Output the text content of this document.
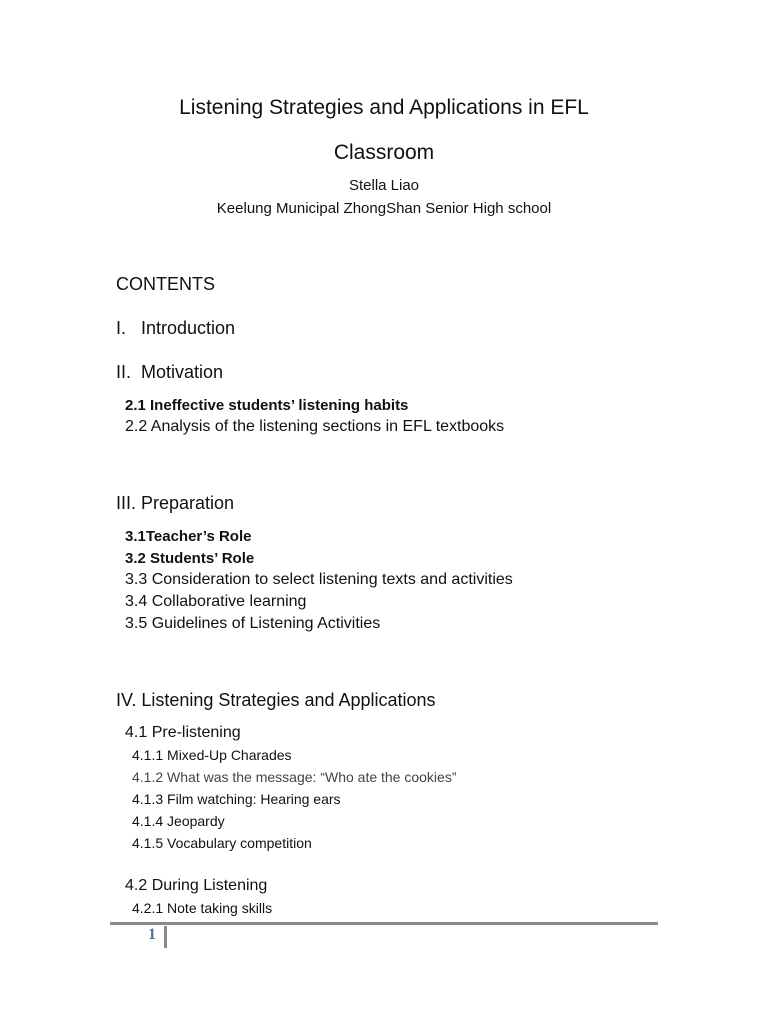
Listening Strategies and Applications in EFL
Classroom
Stella Liao
Keelung Municipal ZhongShan Senior High school
CONTENTS
I.   Introduction
II.  Motivation
2.1 Ineffective students’ listening habits
2.2 Analysis of the listening sections in EFL textbooks
III. Preparation
3.1Teacher’s Role
3.2 Students’ Role
3.3 Consideration to select listening texts and activities
3.4 Collaborative learning
3.5 Guidelines of Listening Activities
IV. Listening Strategies and Applications
4.1 Pre-listening
4.1.1 Mixed-Up Charades
4.1.2 What was the message: “Who ate the cookies”
4.1.3 Film watching: Hearing ears
4.1.4 Jeopardy
4.1.5 Vocabulary competition
4.2 During Listening
4.2.1 Note taking skills
1
